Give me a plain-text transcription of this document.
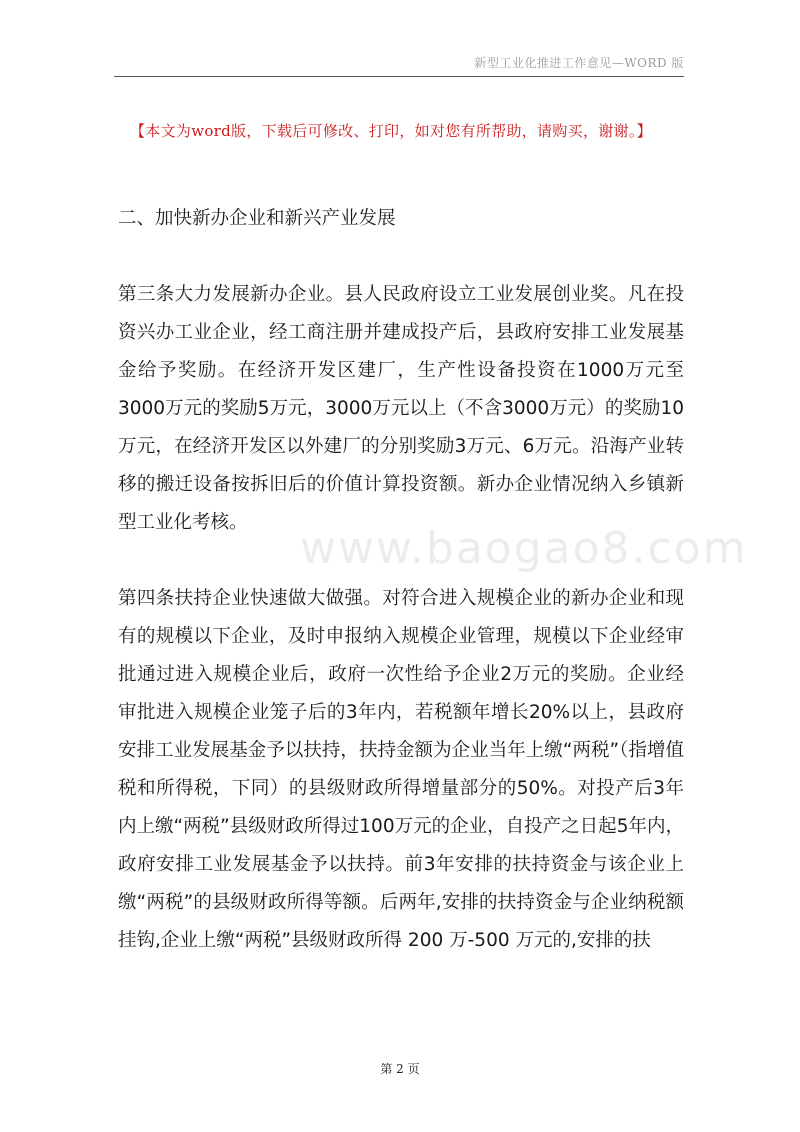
新型工业化推进工作意见—WORD 版
【本文为word版，下载后可修改、打印，如对您有所帮助，请购买，谢谢。】

二、加快新办企业和新兴产业发展

第三条大力发展新办企业。县人民政府设立工业发展创业奖。凡在投资兴办工业企业，经工商注册并建成投产后，县政府安排工业发展基金给予奖励。在经济开发区建厂，生产性设备投资在1000万元至3000万元的奖励5万元，3000万元以上（不含3000万元）的奖励10万元，在经济开发区以外建厂的分别奖励3万元、6万元。沿海产业转移的搬迁设备按拆旧后的价值计算投资额。新办企业情况纳入乡镇新型工业化考核。

第四条扶持企业快速做大做强。对符合进入规模企业的新办企业和现有的规模以下企业，及时申报纳入规模企业管理，规模以下企业经审批通过进入规模企业后，政府一次性给予企业2万元的奖励。企业经审批进入规模企业笼子后的3年内，若税额年增长20%以上，县政府安排工业发展基金予以扶持，扶持金额为企业当年上缴“两税”（指增值税和所得税，下同）的县级财政所得增量部分的50%。对投产后3年内上缴“两税”县级财政所得过100万元的企业，自投产之日起5年内，政府安排工业发展基金予以扶持。前3年安排的扶持资金与该企业上缴“两税”的县级财政所得等额。后两年,安排的扶持资金与企业纳税额挂钩,企业上缴“两税”县级财政所得 200 万-500 万元的,安排的扶

www.baogao8.com
第 2 页
